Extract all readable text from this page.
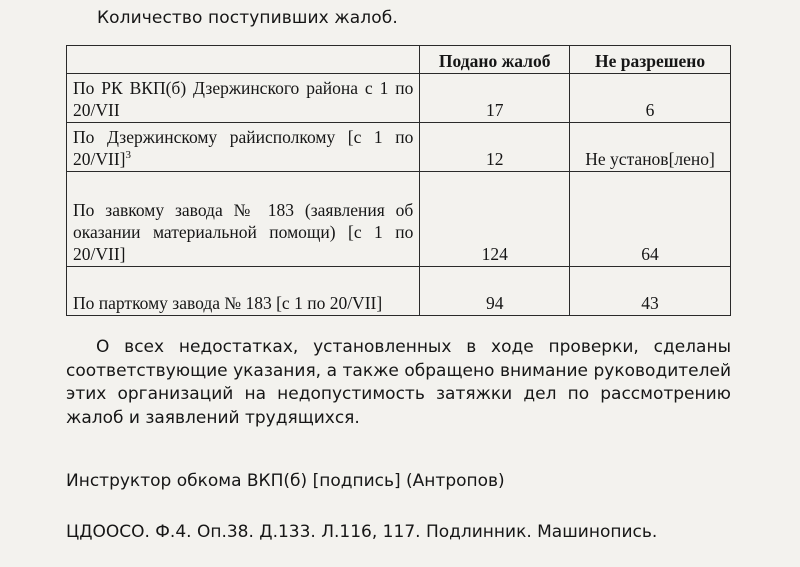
Количество поступивших жалоб.
	Подано жалоб	Не разрешено
По РК ВКП(б) Дзержинского района с 1 по 20/VII	17	6
По Дзержинскому райисполкому [с 1 по 20/VII]$^3$	12	Не установ[лено]
По завкому завода № 183 (заявления об оказании материальной помощи) [с 1 по 20/VII]	124	64
По парткому завода № 183 [с 1 по 20/VII]	94	43

О всех недостатках, установленных в ходе проверки, сделаны соответствующие указания, а также обращено внимание руководителей этих организаций на недопустимость затяжки дел по рассмотрению жалоб и заявлений трудящихся.

Инструктор обкома ВКП(б) [подпись] (Антропов)

ЦДООСО. Ф.4. Оп.38. Д.133. Л.116, 117. Подлинник. Машинопись.
